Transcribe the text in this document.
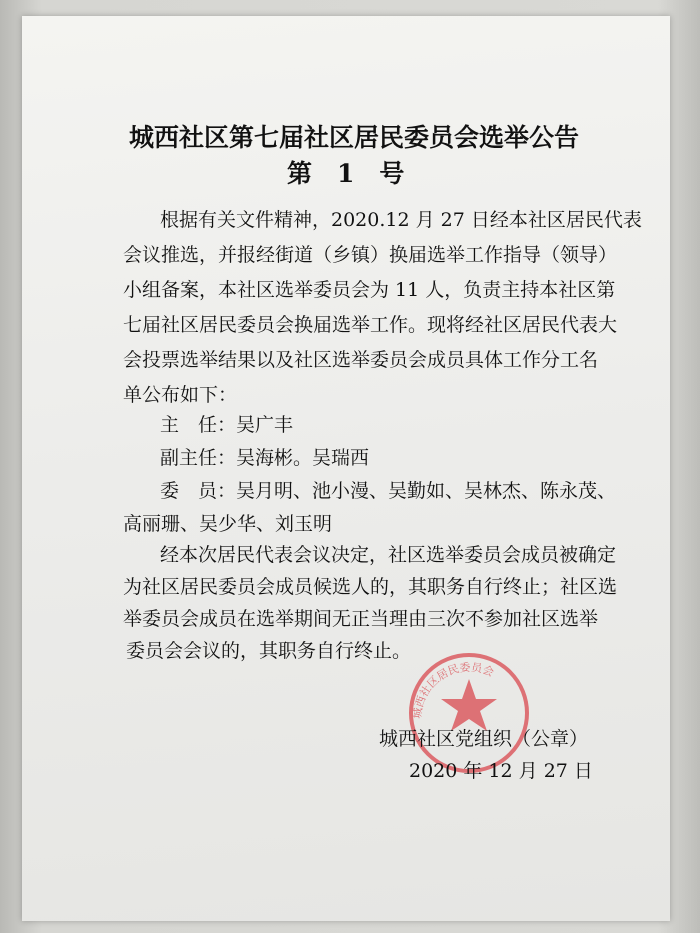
城西社区第七届社区居民委员会选举公告
第　1　号
根据有关文件精神，2020.12 月 27 日经本社区居民代表
会议推选，并报经街道（乡镇）换届选举工作指导（领导）
小组备案，本社区选举委员会为 11 人，负责主持本社区第
七届社区居民委员会换届选举工作。现将经社区居民代表大
会投票选举结果以及社区选举委员会成员具体工作分工名
单公布如下：
主　任：吴广丰
副主任：吴海彬。吴瑞西
委　员：吴月明、池小漫、吴勤如、吴林杰、陈永茂、
高丽珊、吴少华、刘玉明
经本次居民代表会议决定，社区选举委员会成员被确定
为社区居民委员会成员候选人的，其职务自行终止；社区选
举委员会成员在选举期间无正当理由三次不参加社区选举
委员会会议的，其职务自行终止。
城西社区居民委员会
城西社区党组织（公章）
2020 年 12 月 27 日
